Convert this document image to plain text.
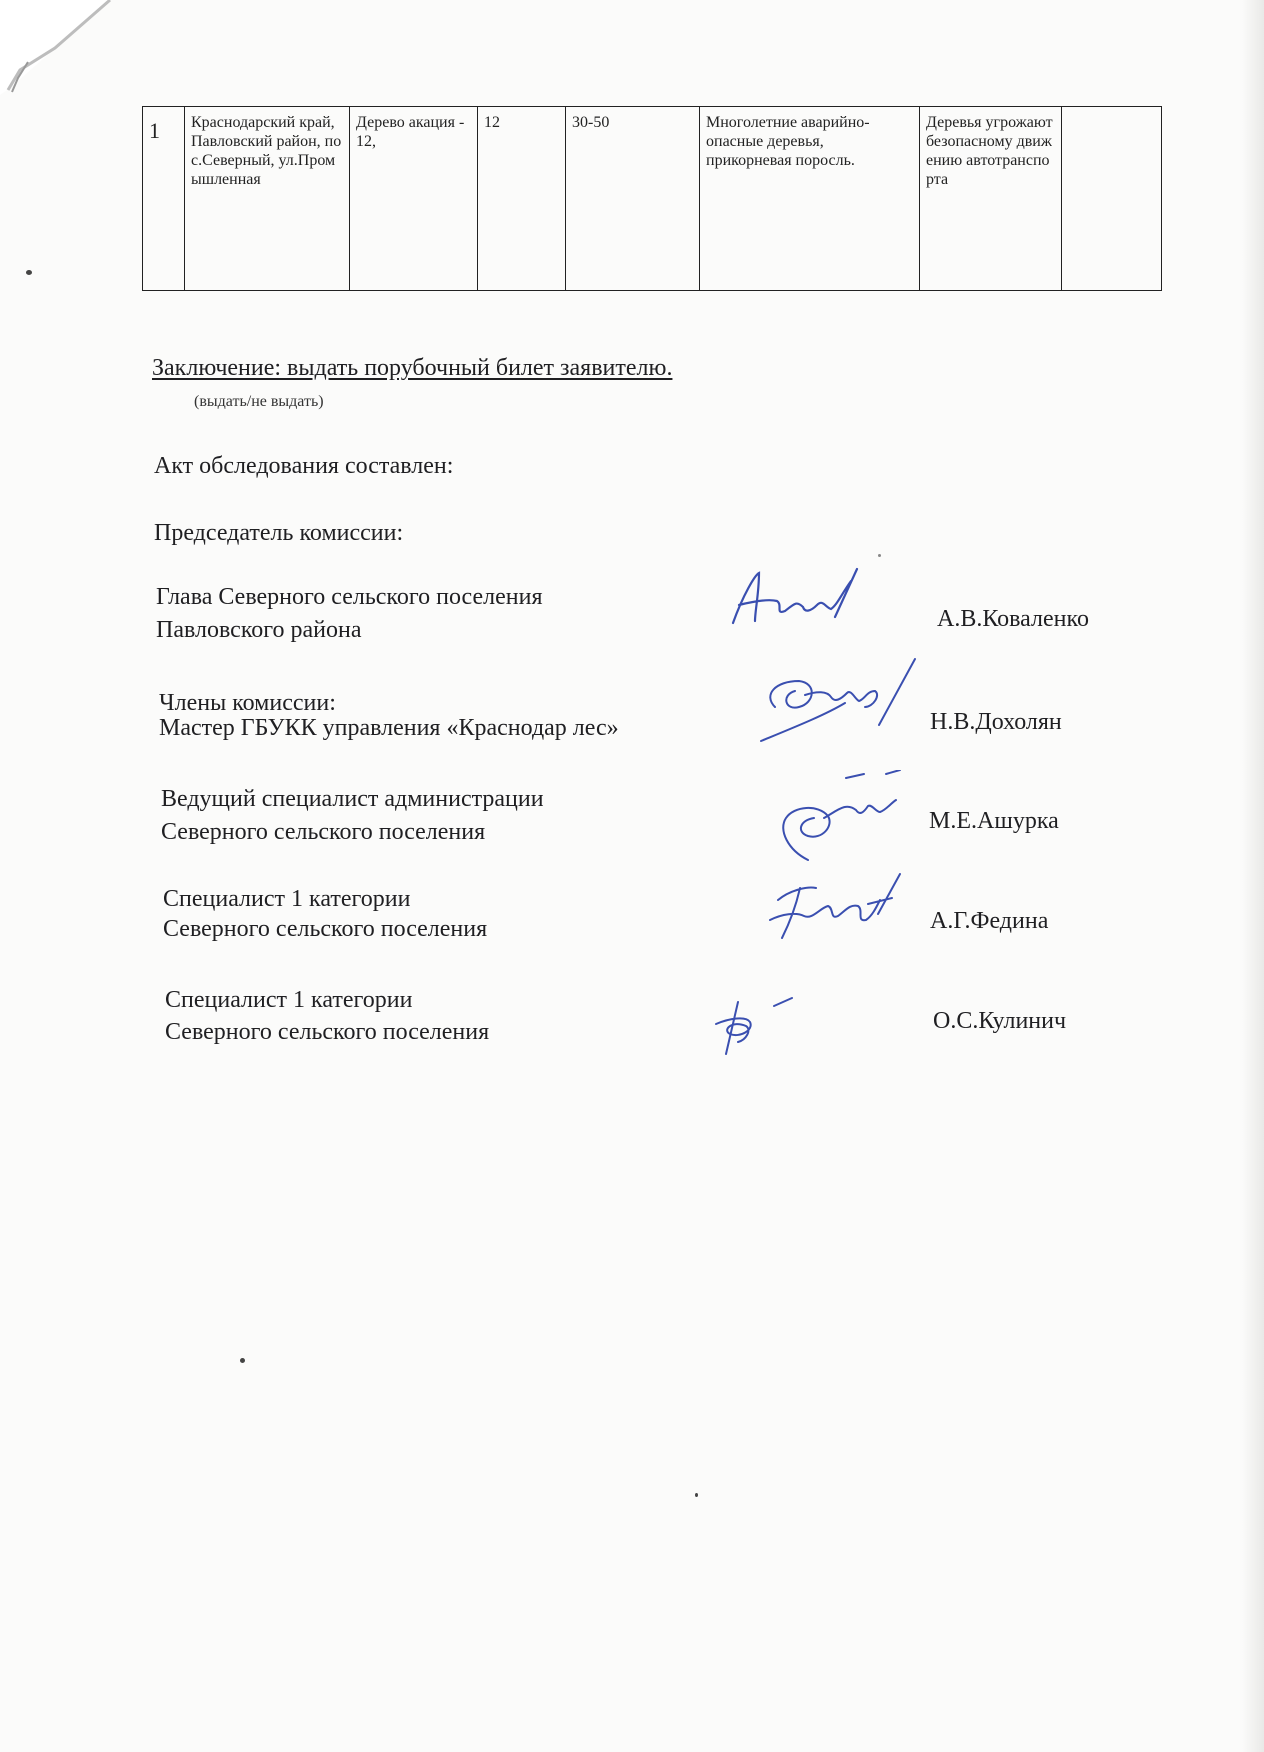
1	Краснодарский край, Павловский район, пос.Северный, ул.Промышленная	Дерево акация - 12,	12	30-50	Многолетние аварийно-опасные деревья, прикорневая поросль.	Деревья угрожают безопасному движению автотранспорта	
Заключение: выдать порубочный билет заявителю.
(выдать/не выдать)
Акт обследования составлен:
Председатель комиссии:
Глава Северного сельского поселения
Павловского района	А.В.Коваленко
Члены комиссии:
Мастер ГБУКК управления «Краснодар лес»	Н.В.Дохолян
Ведущий специалист администрации
Северного сельского поселения	М.Е.Ашурка
Специалист 1 категории
Северного сельского поселения	А.Г.Федина
Специалист 1 категории
Северного сельского поселения	О.С.Кулинич
